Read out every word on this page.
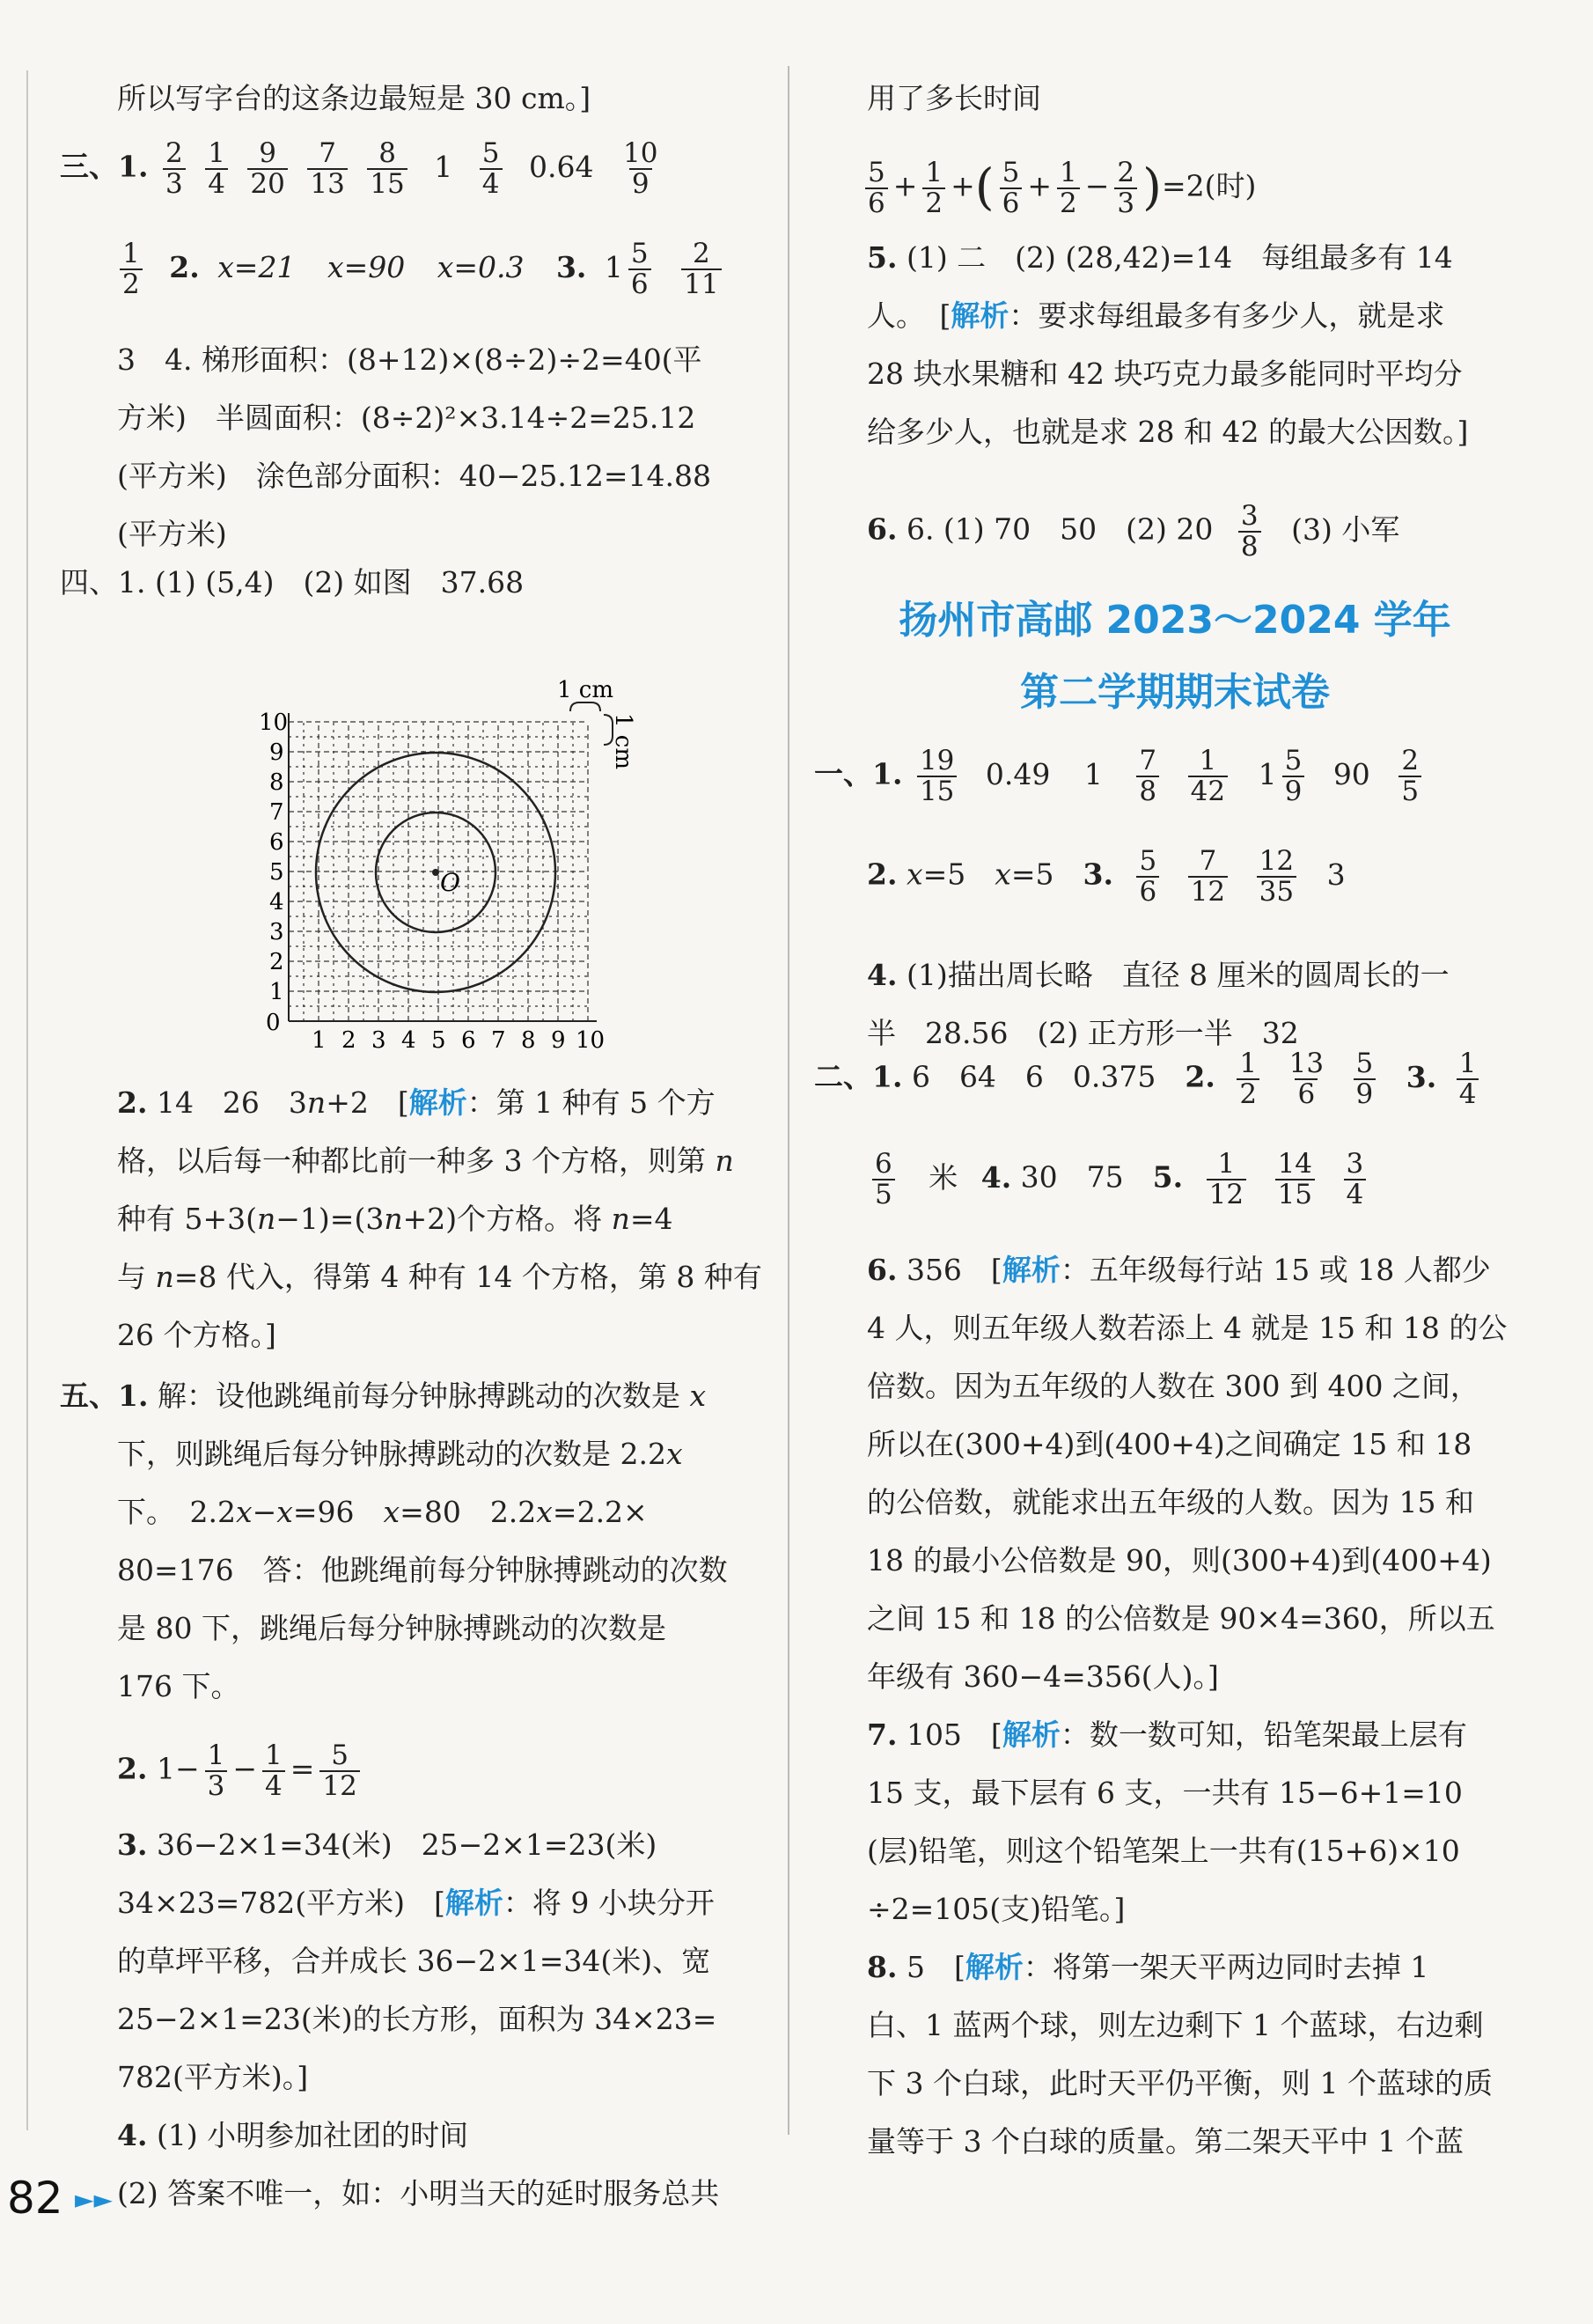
所以写字台的这条边最短是 30 cm。]
三、1. $\frac{2}{3}$
$\frac{1}{4}$
$\frac{9}{20}$
$\frac{7}{13}$
$\frac{8}{15} 1 \frac{5}{4} 0.64 \frac{10}{9}$
$\frac{1}{2} 2$. x=21 x=90 x=0.3 3. $1 \frac{5}{6}$
$\frac{2}{11}$
3　4. 梯形面积：(8+12)×(8÷2)÷2=40(平
方米)　半圆面积：(8÷2)²×3.14÷2=25.12
(平方米)　涂色部分面积：40−25.12=14.88
(平方米)
四、1. (1) (5,4)　(2) 如图　37.68
O
0
1 2 3 4 5 6 7 8 9 10
1
2
3
4
5
6
7
8
9
10
1 cm
1 cm
2. 14　26　3n+2　[解析：第 1 种有 5 个方
格，以后每一种都比前一种多 3 个方格，则第 n
种有 5+3(n−1)=(3n+2)个方格。将 n=4
与 n=8 代入，得第 4 种有 14 个方格，第 8 种有
26 个方格。]
五、1. 解：设他跳绳前每分钟脉搏跳动的次数是 x
下，则跳绳后每分钟脉搏跳动的次数是 2.2x
下。　2.2x−x=96　x=80　2.2x=2.2×
80=176　答：他跳绳前每分钟脉搏跳动的次数
是 80 下，跳绳后每分钟脉搏跳动的次数是
176 下。
2. $1- \frac{1}{3} - \frac{1}{4} = \frac{5}{12}$
3. 36−2×1=34(米)　25−2×1=23(米)
34×23=782(平方米)　[解析：将 9 小块分开
的草坪平移，合并成长 36−2×1=34(米)、宽
25−2×1=23(米)的长方形，面积为 34×23=
782(平方米)。]
4. (1) 小明参加社团的时间
(2) 答案不唯一，如：小明当天的延时服务总共
用了多长时间
$\frac{5}{6} + \frac{1}{2}$ +( $\frac{5}{6} + \frac{1}{2} - \frac{2}{3} )=2$(时)
5. (1) 二　(2) (28,42)=14　每组最多有 14
人。　[解析：要求每组最多有多少人，就是求
28 块水果糖和 42 块巧克力最多能同时平均分
给多少人，也就是求 28 和 42 的最大公因数。]
6. 6. (1) 70　50　(2) $20 \frac{3}{8} (3)$ 小军
扬州市高邮 2023～2024 学年
第二学期期末试卷
一、1. $\frac{19}{15} 0.49$ $1 \frac{7}{8}$
$\frac{1}{42} 1 \frac{5}{9} 90 \frac{2}{5}$
2. x=5　x=5　3. $\frac{5}{6}$
$\frac{7}{12}$
$\frac{12}{35} 3$
4. (1)描出周长略　直径 8 厘米的圆周长的一
半　28.56　(2) 正方形一半　32
二、1. 6　64　6　0.375　2. $\frac{1}{2}$
$\frac{13}{6}$
$\frac{5}{9} 3$. $\frac{1}{4}$
$\frac{6}{5}$ 米 4. 30　75　5. $\frac{1}{12}$
$\frac{14}{15}$
$\frac{3}{4}$
6. 356　[解析：五年级每行站 15 或 18 人都少
4 人，则五年级人数若添上 4 就是 15 和 18 的公
倍数。因为五年级的人数在 300 到 400 之间，
所以在(300+4)到(400+4)之间确定 15 和 18
的公倍数，就能求出五年级的人数。因为 15 和
18 的最小公倍数是 90，则(300+4)到(400+4)
之间 15 和 18 的公倍数是 90×4=360，所以五
年级有 360−4=356(人)。]
7. 105　[解析：数一数可知，铅笔架最上层有
15 支，最下层有 6 支，一共有 15−6+1=10
(层)铅笔，则这个铅笔架上一共有(15+6)×10
÷2=105(支)铅笔。]
8. 5　[解析：将第一架天平两边同时去掉 1
白、1 蓝两个球，则左边剩下 1 个蓝球，右边剩
下 3 个白球，此时天平仍平衡，则 1 个蓝球的质
量等于 3 个白球的质量。第二架天平中 1 个蓝
82 ►►
